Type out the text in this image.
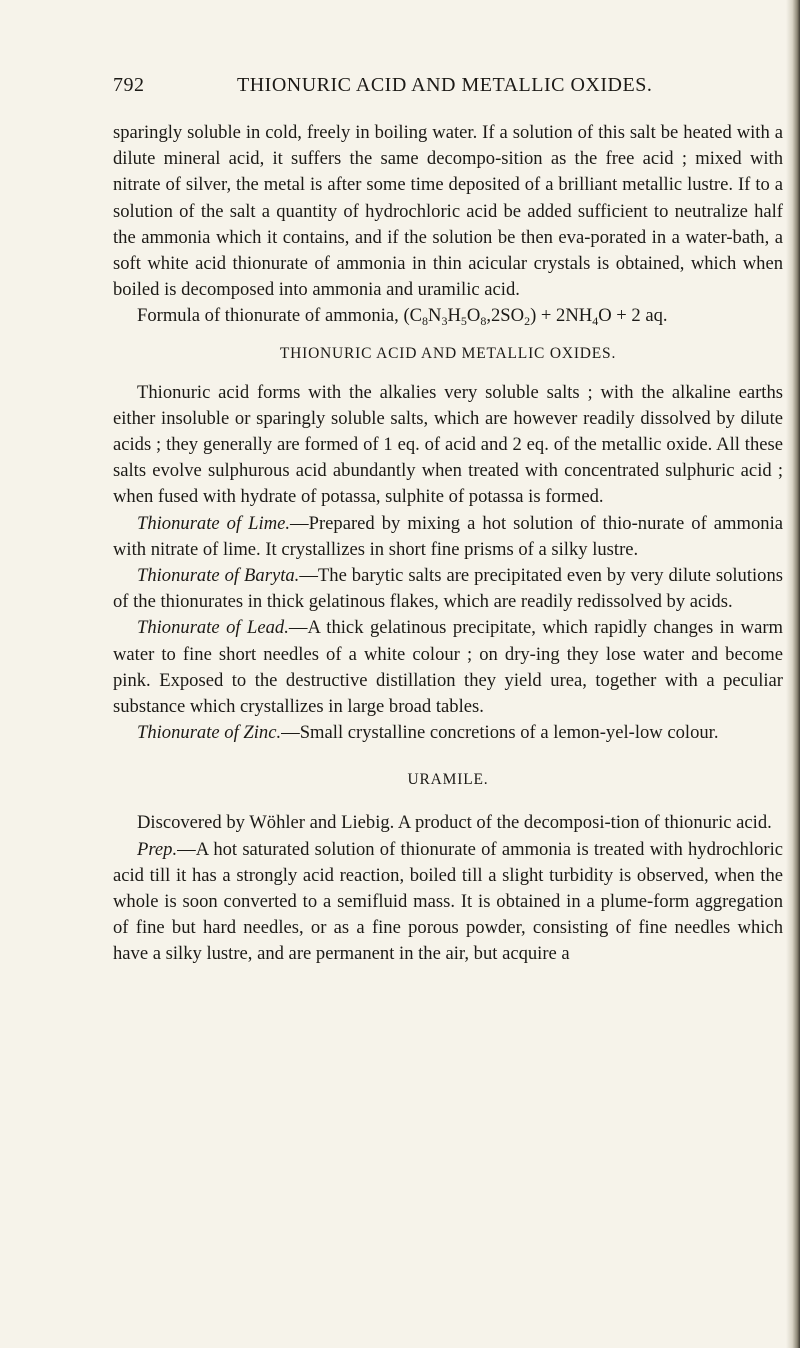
792	THIONURIC ACID AND METALLIC OXIDES.

sparingly soluble in cold, freely in boiling water. If a solution of this salt be heated with a dilute mineral acid, it suffers the same decompo-sition as the free acid ; mixed with nitrate of silver, the metal is after some time deposited of a brilliant metallic lustre. If to a solution of the salt a quantity of hydrochloric acid be added sufficient to neutralize half the ammonia which it contains, and if the solution be then eva-porated in a water-bath, a soft white acid thionurate of ammonia in thin acicular crystals is obtained, which when boiled is decomposed into ammonia and uramilic acid.

Formula of thionurate of ammonia, $(C_8N_3H_5O_8,2SO_2) + 2NH_4O + 2$ aq.

THIONURIC ACID AND METALLIC OXIDES.

Thionuric acid forms with the alkalies very soluble salts ; with the alkaline earths either insoluble or sparingly soluble salts, which are however readily dissolved by dilute acids ; they generally are formed of 1 eq. of acid and 2 eq. of the metallic oxide. All these salts evolve sulphurous acid abundantly when treated with concentrated sulphuric acid ; when fused with hydrate of potassa, sulphite of potassa is formed.

Thionurate of Lime.—Prepared by mixing a hot solution of thio-nurate of ammonia with nitrate of lime. It crystallizes in short fine prisms of a silky lustre.

Thionurate of Baryta.—The barytic salts are precipitated even by very dilute solutions of the thionurates in thick gelatinous flakes, which are readily redissolved by acids.

Thionurate of Lead.—A thick gelatinous precipitate, which rapidly changes in warm water to fine short needles of a white colour ; on dry-ing they lose water and become pink. Exposed to the destructive distillation they yield urea, together with a peculiar substance which crystallizes in large broad tables.

Thionurate of Zinc.—Small crystalline concretions of a lemon-yel-low colour.

URAMILE.

Discovered by Wöhler and Liebig. A product of the decomposi-tion of thionuric acid.

Prep.—A hot saturated solution of thionurate of ammonia is treated with hydrochloric acid till it has a strongly acid reaction, boiled till a slight turbidity is observed, when the whole is soon converted to a semifluid mass. It is obtained in a plume-form aggregation of fine but hard needles, or as a fine porous powder, consisting of fine needles which have a silky lustre, and are permanent in the air, but acquire a
